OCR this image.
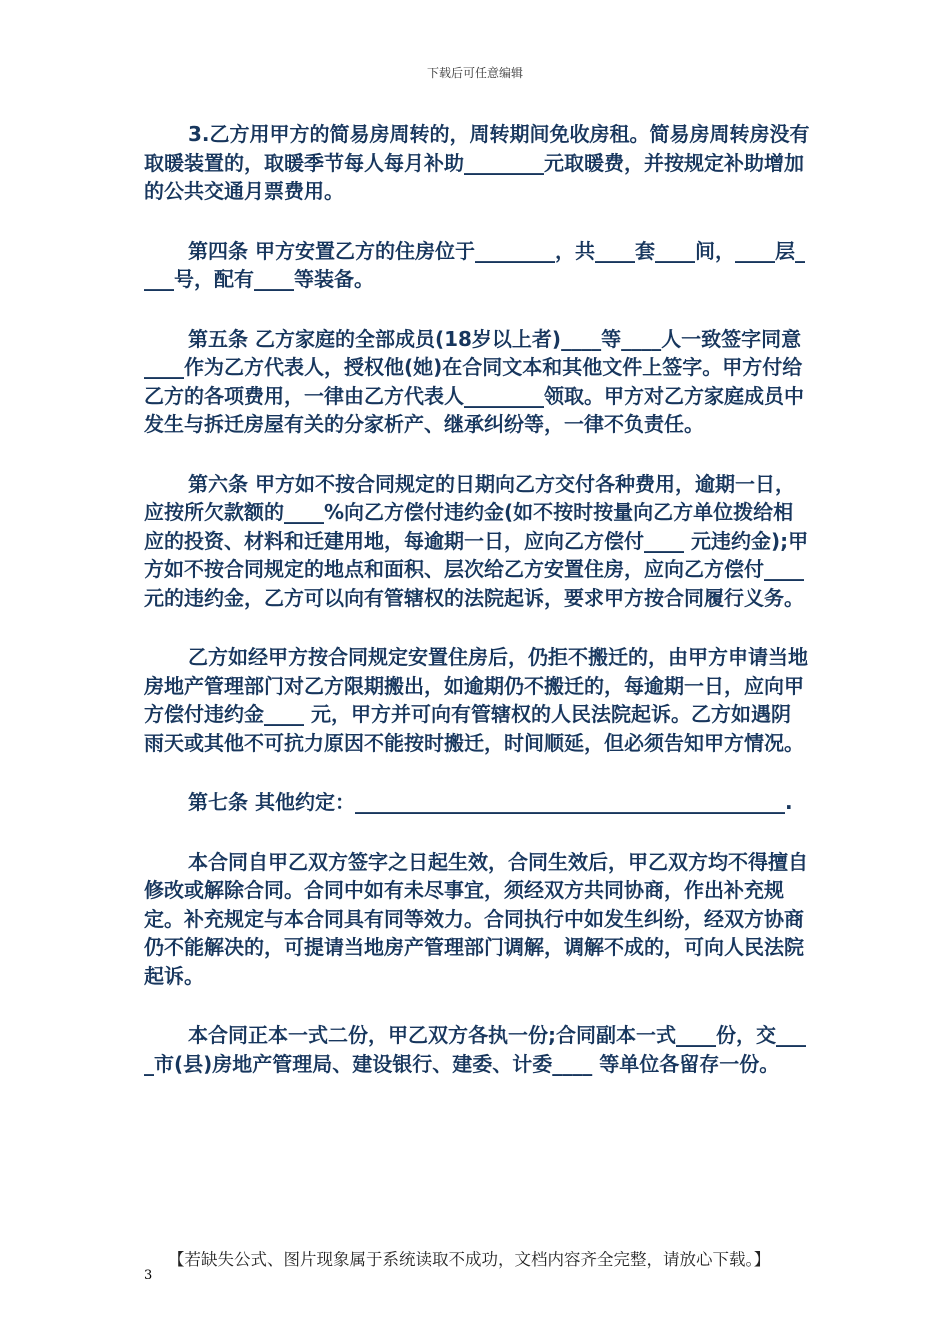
下载后可任意编辑

3.乙方用甲方的简易房周转的，周转期间免收房租。简易房周转房没有取暖装置的，取暖季节每人每月补助________元取暖费，并按规定补助增加的公共交通月票费用。

第四条 甲方安置乙方的住房位于________，共____套____间，____层____号，配有____等装备。

第五条 乙方家庭的全部成员(18岁以上者)____等____人一致签字同意____作为乙方代表人，授权他(她)在合同文本和其他文件上签字。甲方付给乙方的各项费用，一律由乙方代表人________领取。甲方对乙方家庭成员中发生与拆迁房屋有关的分家析产、继承纠纷等，一律不负责任。

第六条 甲方如不按合同规定的日期向乙方交付各种费用，逾期一日，应按所欠款额的____%向乙方偿付违约金(如不按时按量向乙方单位拨给相应的投资、材料和迁建用地，每逾期一日，应向乙方偿付____ 元违约金);甲方如不按合同规定的地点和面积、层次给乙方安置住房，应向乙方偿付____ 元的违约金，乙方可以向有管辖权的法院起诉，要求甲方按合同履行义务。

乙方如经甲方按合同规定安置住房后，仍拒不搬迁的，由甲方申请当地房地产管理部门对乙方限期搬出，如逾期仍不搬迁的，每逾期一日，应向甲方偿付违约金____ 元，甲方并可向有管辖权的人民法院起诉。乙方如遇阴雨天或其他不可抗力原因不能按时搬迁，时间顺延，但必须告知甲方情况。

第七条 其他约定：___________________________________________.

本合同自甲乙双方签字之日起生效，合同生效后，甲乙双方均不得擅自修改或解除合同。合同中如有未尽事宜，须经双方共同协商，作出补充规定。补充规定与本合同具有同等效力。合同执行中如发生纠纷，经双方协商仍不能解决的，可提请当地房产管理部门调解，调解不成的，可向人民法院起诉。

本合同正本一式二份，甲乙双方各执一份;合同副本一式____份，交____市(县)房地产管理局、建设银行、建委、计委____ 等单位各留存一份。

【若缺失公式、图片现象属于系统读取不成功，文档内容齐全完整，请放心下载。】
3
